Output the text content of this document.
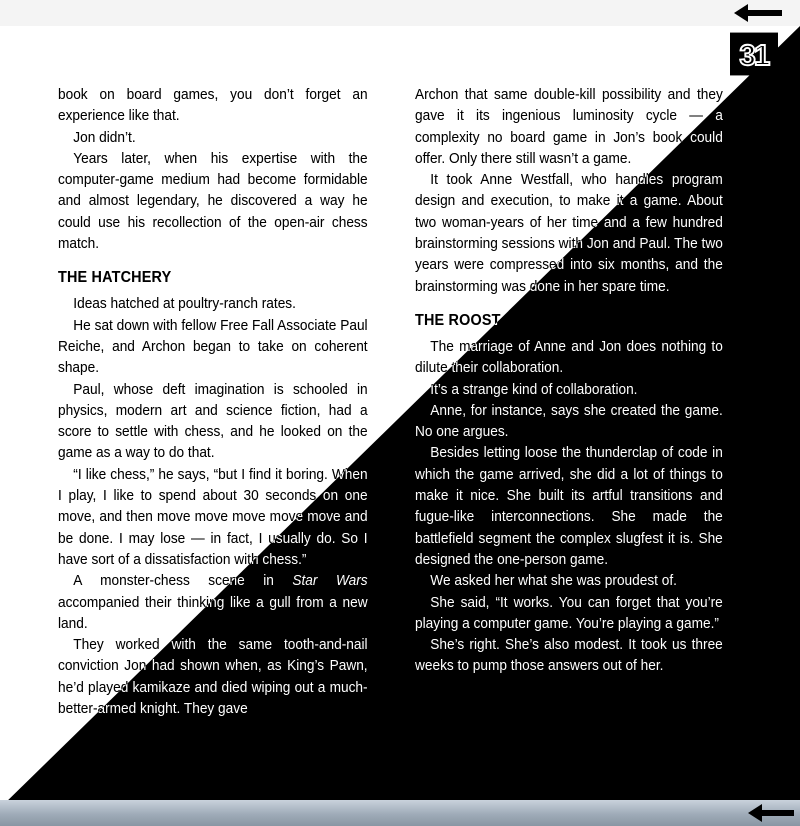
31

book on board games, you don’t forget an experience like that.

Jon didn’t.

Years later, when his expertise with the computer-game medium had become formidable and almost legendary, he discovered a way he could use his recollection of the open-air chess match.

THE HATCHERY

Ideas hatched at poultry-ranch rates.

He sat down with fellow Free Fall Associate Paul Reiche, and Archon began to take on coherent shape.

Paul, whose deft imagination is schooled in physics, modern art and science fiction, had a score to settle with chess, and he looked on the game as a way to do that.

“I like chess,” he says, “but I find it boring. When I play, I like to spend about 30 seconds on one move, and then move move move move move and be done. I may lose — in fact, I usually do. So I have sort of a dissatisfaction with chess.”

A monster-chess scene in Star Wars accompanied their thinking like a gull from a new land.

They worked with the same tooth-and-nail conviction Jon had shown when, as King’s Pawn, he’d played kamikaze and died wiping out a much-better-armed knight. They gave

Archon that same double-kill possibility and they gave it its ingenious luminosity cycle — a complexity no board game in Jon’s book could offer. Only there still wasn’t a game.

It took Anne Westfall, who handles program design and execution, to make it a game. About two woman-years of her time and a few hundred brainstorming sessions with Jon and Paul. The two years were compressed into six months, and the brainstorming was done in her spare time.

THE ROOST

The marriage of Anne and Jon does nothing to dilute their collaboration.

It’s a strange kind of collaboration.

Anne, for instance, says she created the game. No one argues.

Besides letting loose the thunderclap of code in which the game arrived, she did a lot of things to make it nice. She built its artful transitions and fugue-like interconnections. She made the battlefield segment the complex slugfest it is. She designed the one-person game.

We asked her what she was proudest of.

She said, “It works. You can forget that you’re playing a computer game. You’re playing a game.”

She’s right. She’s also modest. It took us three weeks to pump those answers out of her.
